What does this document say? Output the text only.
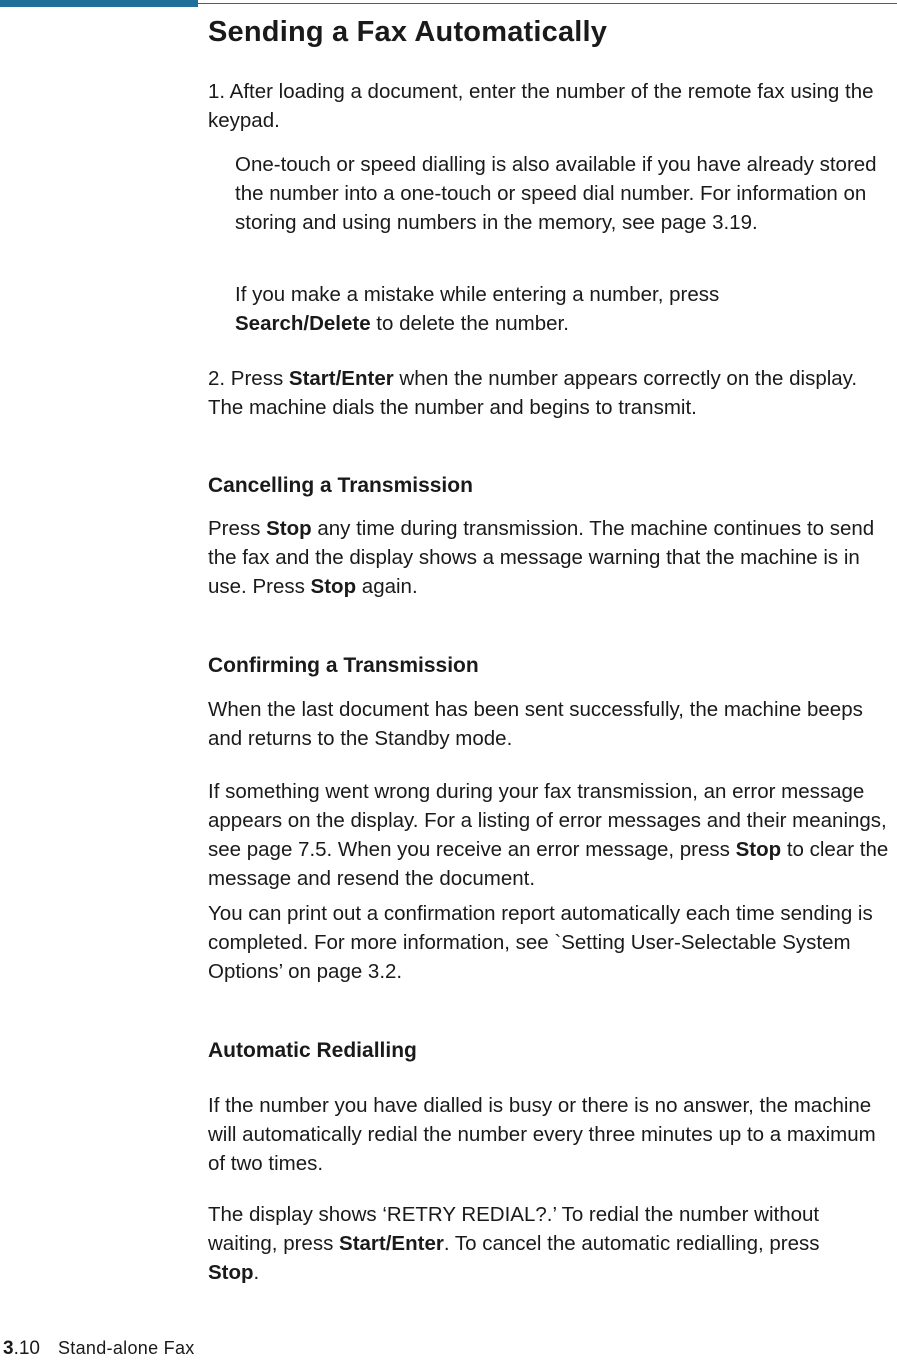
Sending a Fax Automatically

1. After loading a document, enter the number of the remote fax using the keypad.

One-touch or speed dialling is also available if you have already stored the number into a one-touch or speed dial number. For information on storing and using numbers in the memory, see page 3.19.

If you make a mistake while entering a number, press Search/Delete to delete the number.

2. Press Start/Enter when the number appears correctly on the display. The machine dials the number and begins to transmit.

Cancelling a Transmission

Press Stop any time during transmission. The machine continues to send the fax and the display shows a message warning that the machine is in use. Press Stop again.

Confirming a Transmission

When the last document has been sent successfully, the machine beeps and returns to the Standby mode.

If something went wrong during your fax transmission, an error message appears on the display. For a listing of error messages and their meanings, see page 7.5. When you receive an error message, press Stop to clear the message and resend the document.

You can print out a confirmation report automatically each time sending is completed. For more information, see `Setting User-Selectable System Options’ on page 3.2.

Automatic Redialling

If the number you have dialled is busy or there is no answer, the machine will automatically redial the number every three minutes up to a maximum of two times.

The display shows ‘RETRY REDIAL?.’ To redial the number without waiting, press Start/Enter. To cancel the automatic redialling, press Stop.

3.10 Stand-alone Fax
